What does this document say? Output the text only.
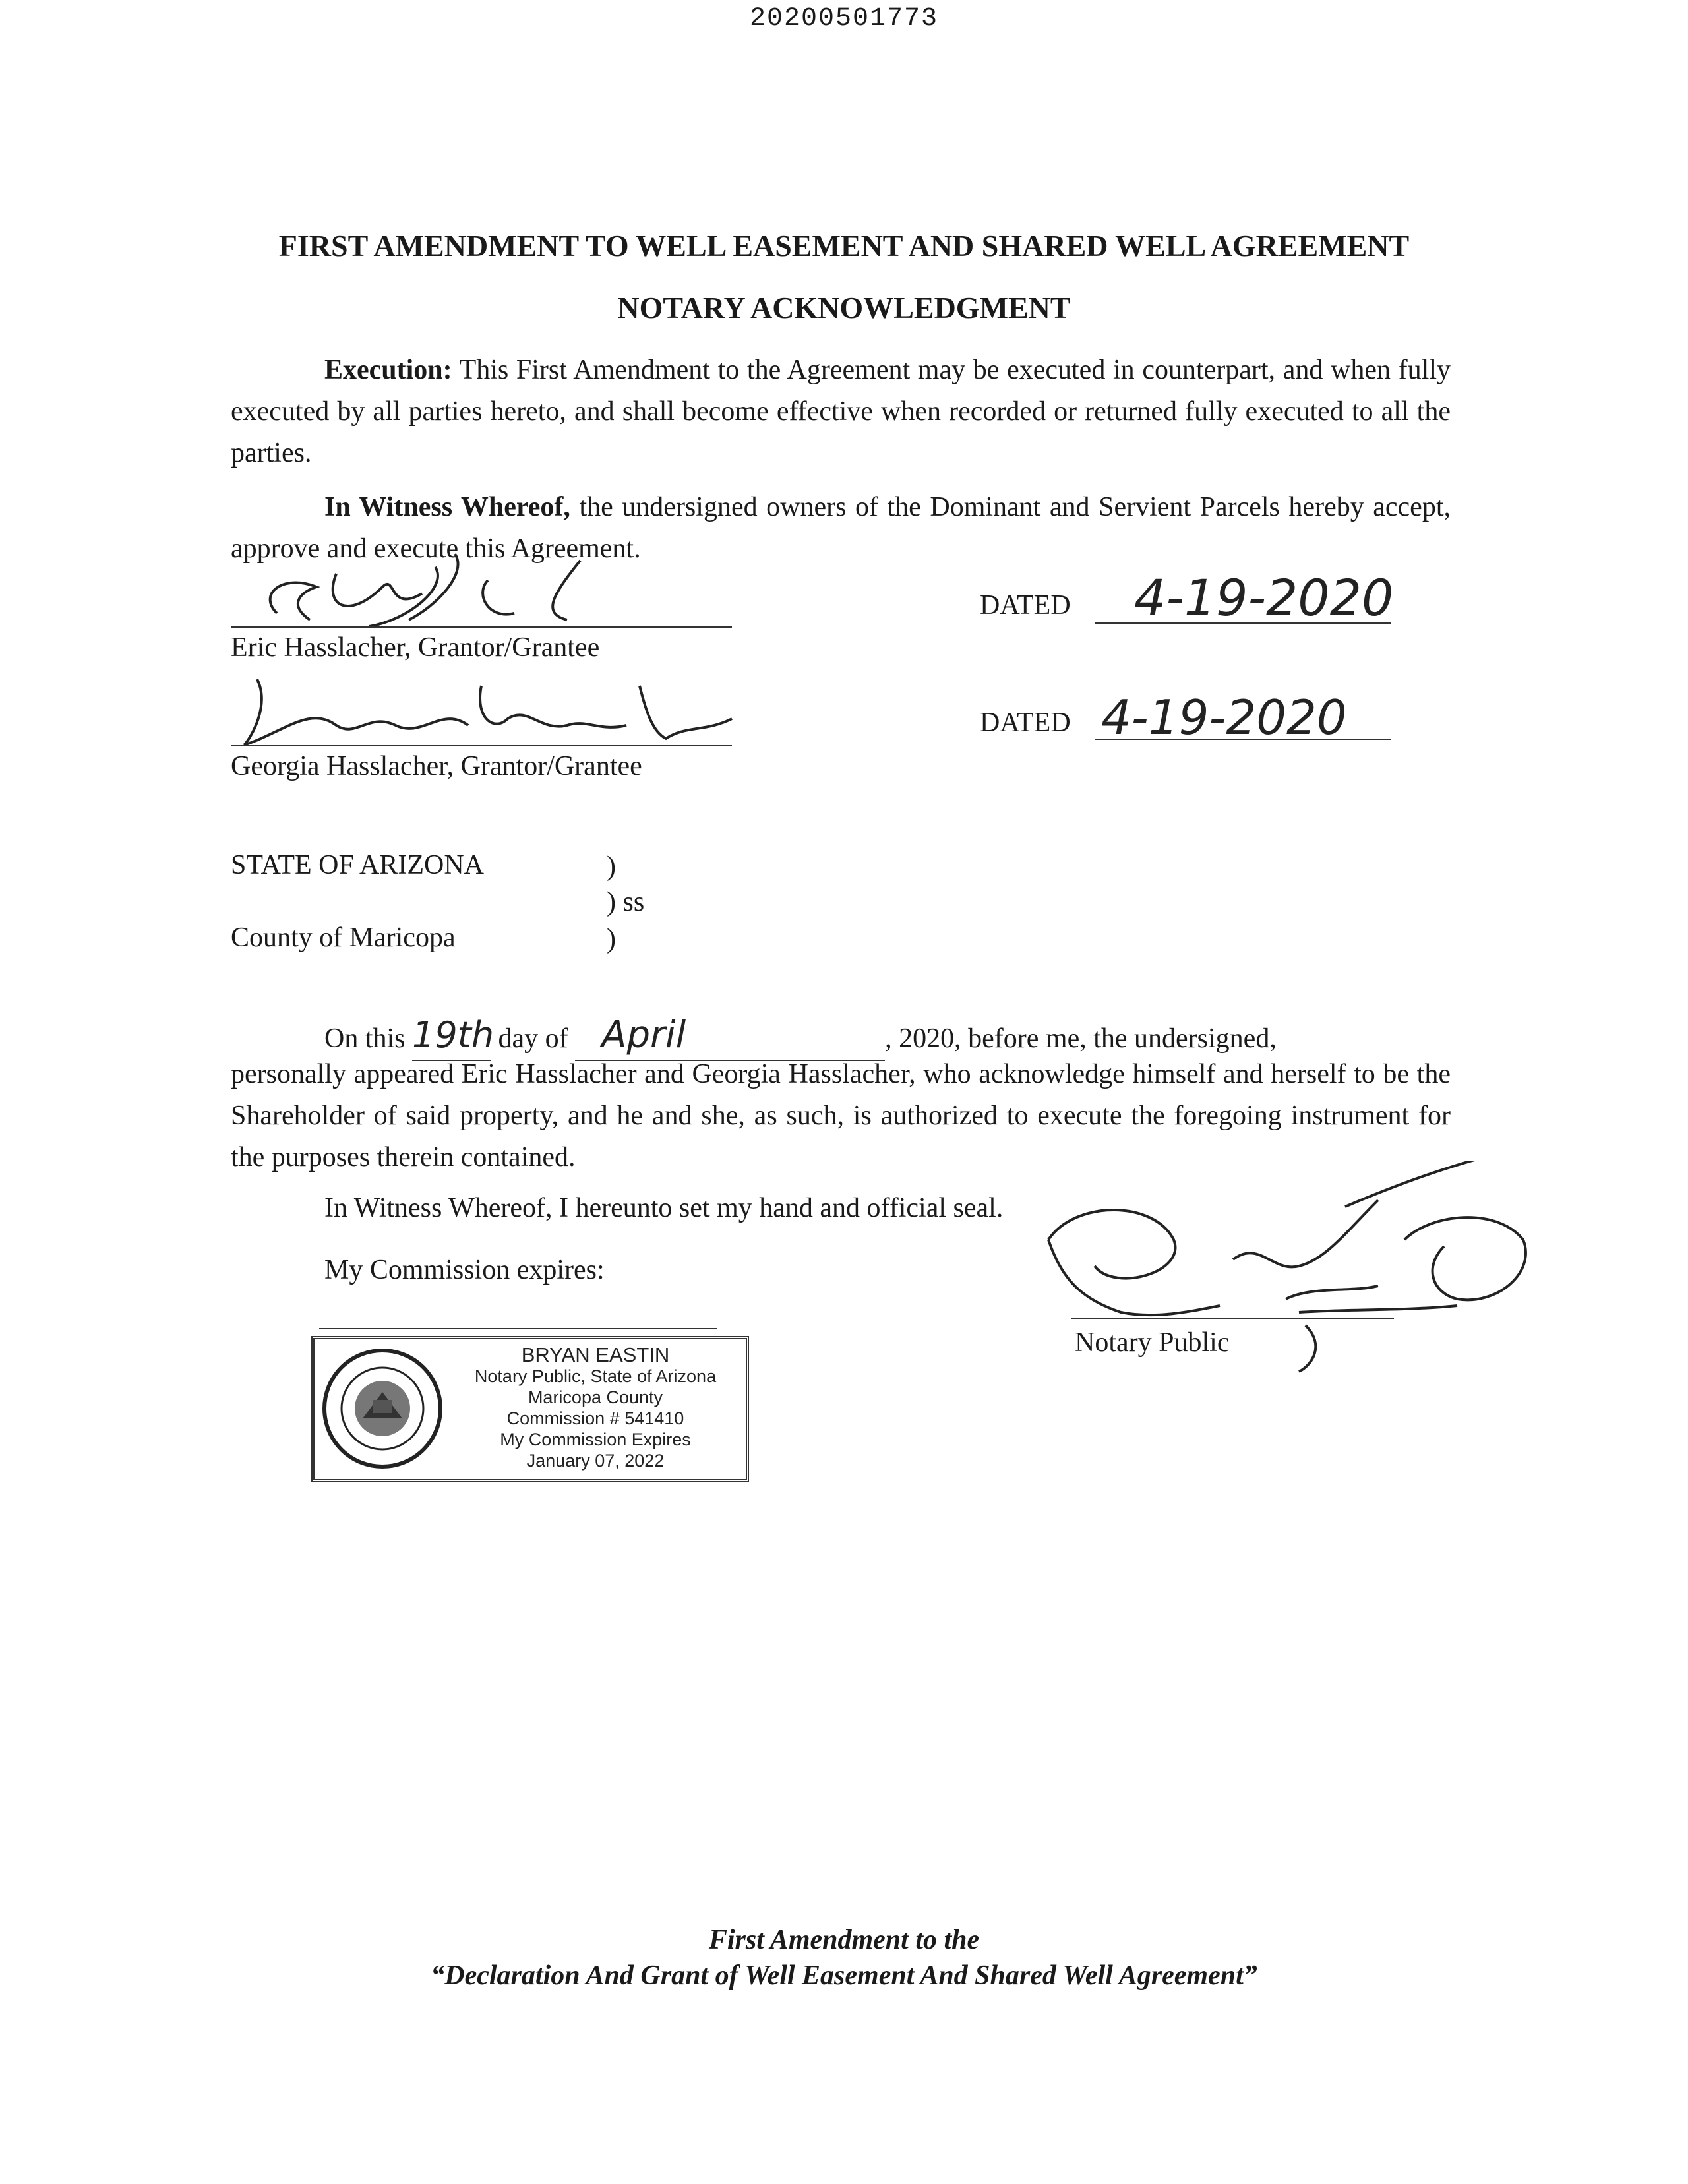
20200501773
FIRST AMENDMENT TO WELL EASEMENT AND SHARED WELL AGREEMENT
NOTARY ACKNOWLEDGMENT
Execution: This First Amendment to the Agreement may be executed in counterpart, and when fully executed by all parties hereto, and shall become effective when recorded or returned fully executed to all the parties.
In Witness Whereof, the undersigned owners of the Dominant and Servient Parcels hereby accept, approve and execute this Agreement.
Eric Hasslacher, Grantor/Grantee
DATED 4-19-2020
Georgia Hasslacher, Grantor/Grantee
DATED 4-19-2020
STATE OF ARIZONA	)
) ss
County of Maricopa	)
On this 19th day of April	, 2020, before me, the undersigned,
personally appeared Eric Hasslacher and Georgia Hasslacher, who acknowledge himself and herself to be the Shareholder of said property, and he and she, as such, is authorized to execute the foregoing instrument for the purposes therein contained.
In Witness Whereof, I hereunto set my hand and official seal.
My Commission expires:
Notary Public
BRYAN EASTIN
Notary Public, State of Arizona
Maricopa County
Commission # 541410
My Commission Expires
January 07, 2022
First Amendment to the
“Declaration And Grant of Well Easement And Shared Well Agreement”
